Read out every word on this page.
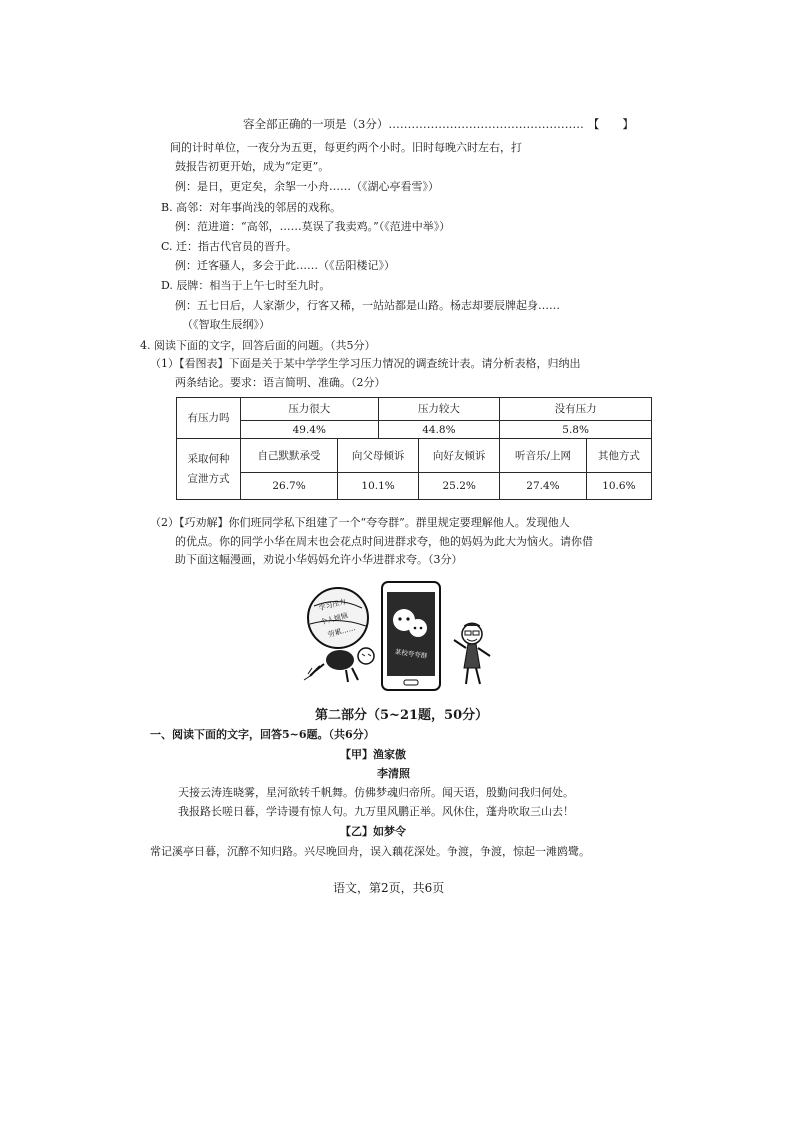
容全部正确的一项是（3分）…………………………………………… 【　　】
间的计时单位，一夜分为五更，每更约两个小时。旧时每晚六时左右，打
鼓报告初更开始，成为“定更”。
例：是日，更定矣，余挐一小舟……（《湖心亭看雪》）
B. 高邻：对年事尚浅的邻居的戏称。
例：范进道：“高邻，……莫误了我卖鸡。”（《范进中举》）
C. 迁：指古代官员的晋升。
例：迁客骚人，多会于此……（《岳阳楼记》）
D. 辰牌：相当于上午七时至九时。
例：五七日后，人家渐少，行客又稀，一站站都是山路。杨志却要辰牌起身……
（《智取生辰纲》）
4. 阅读下面的文字，回答后面的问题。（共5分）
（1）【看图表】下面是关于某中学学生学习压力情况的调查统计表。请分析表格，归纳出
两条结论。要求：语言简明、准确。（2分）
有压力吗	压力很大		压力较大		没有压力	
	49.4%		44.8%		5.8%	

采取何种
宣泄方式	自己默默承受	向父母倾诉		向好友倾诉	听音乐/上网	其他方式
	26.7%	10.1%		25.2%	27.4%	10.6%
（2）【巧劝解】你们班同学私下组建了一个“夸夸群”。群里规定要理解他人。发现他人
的优点。你的同学小华在周末也会花点时间进群求夸，他的妈妈为此大为恼火。请你借
助下面这幅漫画，劝说小华妈妈允许小华进群求夸。（3分）
学习压力
个人烦恼
劳累……
某校夸夸群
第二部分（5~21题，50分）
一、阅读下面的文字，回答5~6题。（共6分）
【甲】渔家傲
李清照
天接云涛连晓雾，星河欲转千帆舞。仿佛梦魂归帝所。闻天语，殷勤问我归何处。
我报路长嗟日暮，学诗谩有惊人句。九万里风鹏正举。风休住，蓬舟吹取三山去！
【乙】如梦令
常记溪亭日暮，沉醉不知归路。兴尽晚回舟，误入藕花深处。争渡，争渡，惊起一滩鸥鹭。
语文，第2页，共6页
